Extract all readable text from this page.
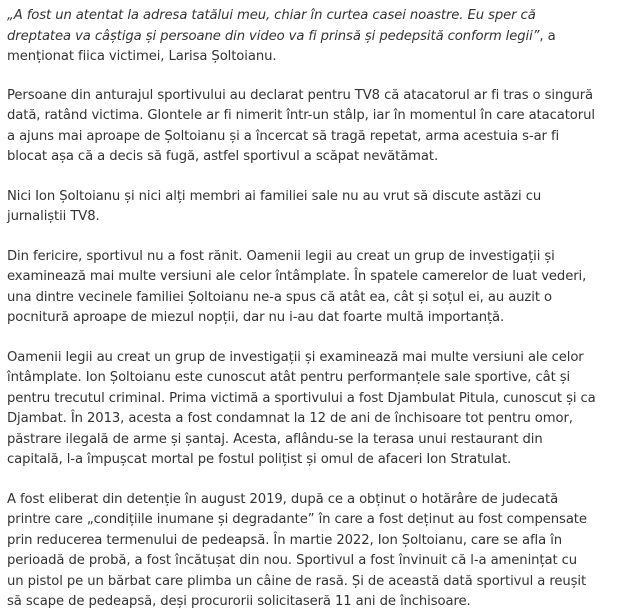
„A fost un atentat la adresa tatălui meu, chiar în curtea casei noastre. Eu sper că dreptatea va câștiga și persoane din video va fi prinsă și pedepsită conform legii”, a menționat fiica victimei, Larisa Șoltoianu.

Persoane din anturajul sportivului au declarat pentru TV8 că atacatorul ar fi tras o singură dată, ratând victima. Glontele ar fi nimerit într-un stâlp, iar în momentul în care atacatorul a ajuns mai aproape de Șoltoianu și a încercat să tragă repetat, arma acestuia s-ar fi blocat așa că a decis să fugă, astfel sportivul a scăpat nevătămat.

Nici Ion Șoltoianu și nici alți membri ai familiei sale nu au vrut să discute astăzi cu jurnaliștii TV8.

Din fericire, sportivul nu a fost rănit. Oamenii legii au creat un grup de investigații și examinează mai multe versiuni ale celor întâmplate. În spatele camerelor de luat vederi, una dintre vecinele familiei Șoltoianu ne-a spus că atât ea, cât și soțul ei, au auzit o pocnitură aproape de miezul nopții, dar nu i-au dat foarte multă importanță.

Oamenii legii au creat un grup de investigații și examinează mai multe versiuni ale celor întâmplate. Ion Șoltoianu este cunoscut atât pentru performanțele sale sportive, cât și pentru trecutul criminal. Prima victimă a sportivului a fost Djambulat Pitula, cunoscut și ca Djambat. În 2013, acesta a fost condamnat la 12 de ani de închisoare tot pentru omor, păstrare ilegală de arme și șantaj. Acesta, aflându-se la terasa unui restaurant din capitală, l-a împușcat mortal pe fostul polițist și omul de afaceri Ion Stratulat.

A fost eliberat din detenție în august 2019, după ce a obținut o hotărâre de judecată printre care „condițiile inumane și degradante” în care a fost deținut au fost compensate prin reducerea termenului de pedeapsă. În martie 2022, Ion Șoltoianu, care se afla în perioadă de probă, a fost încătușat din nou. Sportivul a fost învinuit că l-a amenințat cu un pistol pe un bărbat care plimba un câine de rasă. Și de această dată sportivul a reușit să scape de pedeapsă, deși procurorii solicitaseră 11 ani de închisoare.
